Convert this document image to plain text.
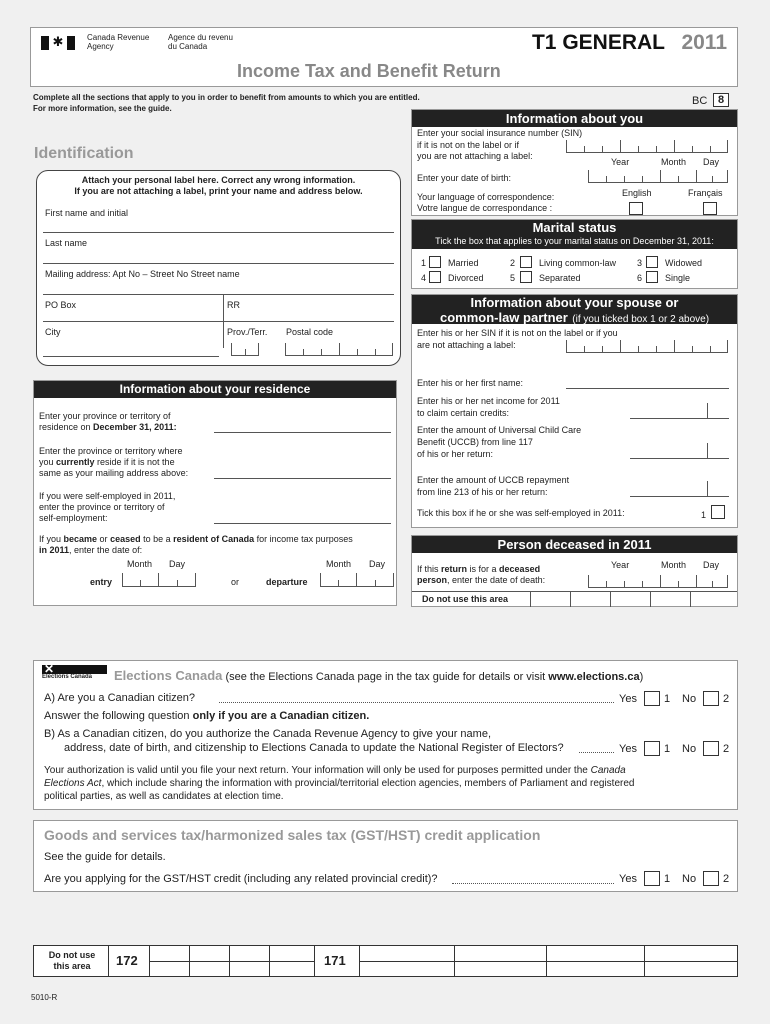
✱	Canada Revenue
Agency
Agence du revenu
du Canada	T1 GENERAL 2011
Income Tax and Benefit Return
Complete all the sections that apply to you in order to benefit from amounts to which you are entitled.
For more information, see the guide.
BC 8
Identification
Attach your personal label here. Correct any wrong information.
If you are not attaching a label, print your name and address below.
First name and initial
Last name
Mailing address: Apt No – Street No Street name
PO Box	RR
City	Prov./Terr. Postal code
Information about your residence
Enter your province or territory of
residence on December 31, 2011:
Enter the province or territory where
you currently reside if it is not the
same as your mailing address above:
If you were self-employed in 2011,
enter the province or territory of
self-employment:
If you became or ceased to be a resident of Canada for income tax purposes
in 2011, enter the date of:
Month Day
entry	or
Month Day
departure
Information about you
Enter your social insurance number (SIN)
if it is not on the label or if
you are not attaching a label:
Year	Month Day
Enter your date of birth:
English	Français
Your language of correspondence:
Votre langue de correspondance :
Marital status
Tick the box that applies to your marital status on December 31, 2011:
1 Married	2	Living common-law 3	Widowed
4 Divorced	5	Separated	6	Single
Information about your spouse or
common-law partner (if you ticked box 1 or 2 above)
Enter his or her SIN if it is not on the label or if you
are not attaching a label:
Enter his or her first name:
Enter his or her net income for 2011
to claim certain credits:
Enter the amount of Universal Child Care
Benefit (UCCB) from line 117
of his or her return:
Enter the amount of UCCB repayment
from line 213 of his or her return:
Tick this box if he or she was self-employed in 2011:	1
Person deceased in 2011
Year	Month Day
If this return is for a deceased
person, enter the date of death:
Do not use this area
✕
Elections Canada Elections Canada (see the Elections Canada page in the tax guide for details or visit www.elections.ca)
A) Are you a Canadian citizen?	Yes 1 No 2
Answer the following question only if you are a Canadian citizen.
B) As a Canadian citizen, do you authorize the Canada Revenue Agency to give your name,
address, date of birth, and citizenship to Elections Canada to update the National Register of Electors?	Yes 1 No 2
Your authorization is valid until you file your next return. Your information will only be used for purposes permitted under the Canada
Elections Act, which include sharing the information with provincial/territorial election agencies, members of Parliament and registered
political parties, as well as candidates at election time.
Goods and services tax/harmonized sales tax (GST/HST) credit application
See the guide for details.
Are you applying for the GST/HST credit (including any related provincial credit)?	Yes 1 No 2
Do not use
this area	172	171
5010-R
